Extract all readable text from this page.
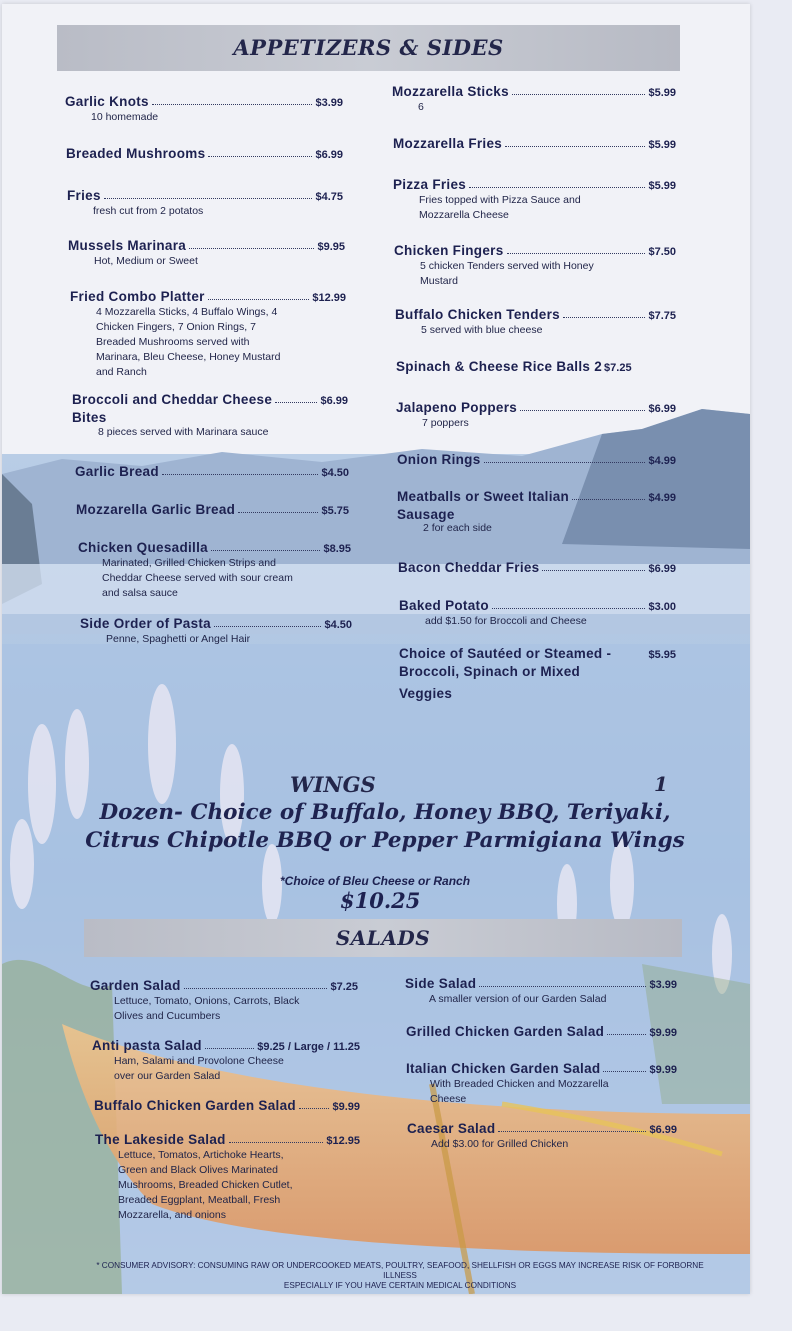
APPETIZERS & SIDES
Garlic Knots	$3.99
10 homemade
Breaded Mushrooms	$6.99
Fries	$4.75
fresh cut from 2 potatos
Mussels Marinara	$9.95
Hot, Medium or Sweet
Fried Combo Platter	$12.99
4 Mozzarella Sticks, 4 Buffalo Wings, 4
Chicken Fingers, 7 Onion Rings, 7
Breaded Mushrooms served with
Marinara, Bleu Cheese, Honey Mustard
and Ranch
Broccoli and Cheddar Cheese	$6.99
Bites
8 pieces served with Marinara sauce
Garlic Bread	$4.50
Mozzarella Garlic Bread	$5.75
Chicken Quesadilla	$8.95
Marinated, Grilled Chicken Strips and
Cheddar Cheese served with sour cream
and salsa sauce
Side Order of Pasta	$4.50
Penne, Spaghetti or Angel Hair
Mozzarella Sticks	$5.99
6
Mozzarella Fries	$5.99
Pizza Fries	$5.99
Fries topped with Pizza Sauce and
Mozzarella Cheese
Chicken Fingers	$7.50
5 chicken Tenders served with Honey
Mustard
Buffalo Chicken Tenders	$7.75
5 served with blue cheese
Spinach & Cheese Rice Balls 2 $7.25
Jalapeno Poppers	$6.99
7 poppers
Onion Rings	$4.99
Meatballs or Sweet Italian	$4.99
Sausage
2 for each side
Bacon Cheddar Fries	$6.99
Baked Potato	$3.00
add $1.50 for Broccoli and Cheese
Choice of Sautéed or Steamed -	$5.95
Broccoli, Spinach or Mixed
Veggies
WINGS	1
Dozen- Choice of Buffalo, Honey BBQ, Teriyaki,
Citrus Chipotle BBQ or Pepper Parmigiana Wings
*Choice of Bleu Cheese or Ranch
$10.25
SALADS
Garden Salad	$7.25
Lettuce, Tomato, Onions, Carrots, Black
Olives and Cucumbers
Anti pasta Salad	$9.25 / Large / 11.25
Ham, Salami and Provolone Cheese
over our Garden Salad
Buffalo Chicken Garden Salad	$9.99
The Lakeside Salad	$12.95
Lettuce, Tomatos, Artichoke Hearts,
Green and Black Olives Marinated
Mushrooms, Breaded Chicken Cutlet,
Breaded Eggplant, Meatball, Fresh
Mozzarella, and onions
Side Salad	$3.99
A smaller version of our Garden Salad
Grilled Chicken Garden Salad	$9.99
Italian Chicken Garden Salad	$9.99
With Breaded Chicken and Mozzarella
Cheese
Caesar Salad	$6.99
Add $3.00 for Grilled Chicken
* CONSUMER ADVISORY: CONSUMING RAW OR UNDERCOOKED MEATS, POULTRY, SEAFOOD, SHELLFISH OR EGGS MAY INCREASE RISK OF FORBORNE ILLNESS
ESPECIALLY IF YOU HAVE CERTAIN MEDICAL CONDITIONS
